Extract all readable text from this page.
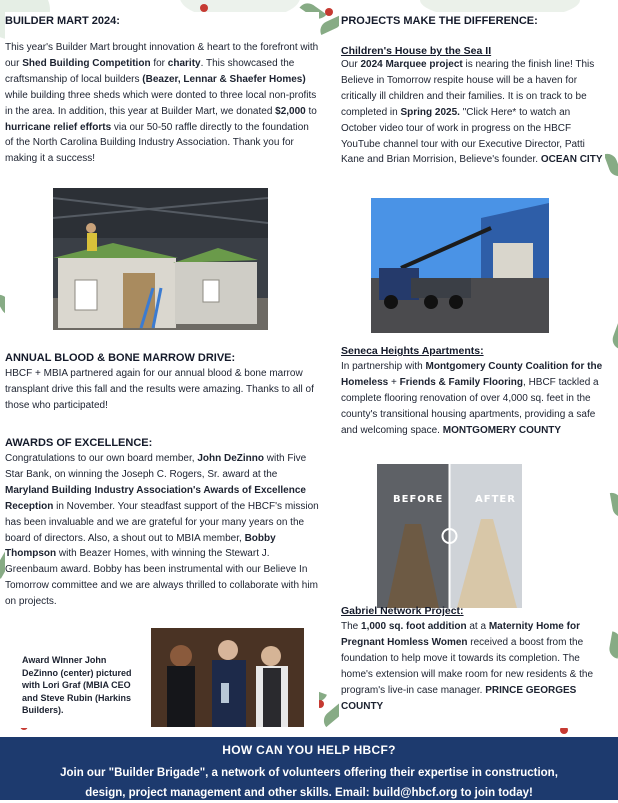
BUILDER MART 2024:

This year's Builder Mart brought innovation & heart to the forefront with our Shed Building Competition for charity. This showcased the craftsmanship of local builders (Beazer, Lennar & Shaefer Homes) while building three sheds which were donted to three local non-profits in the area. In addition, this year at Builder Mart, we donated $2,000 to hurricane relief efforts via our 50-50 raffle directly to the foundation of the North Carolina Building Industry Association. Thank you for making it a success!

ANNUAL BLOOD & BONE MARROW DRIVE:

HBCF + MBIA partnered again for our annual blood & bone marrow transplant drive this fall and the results were amazing. Thanks to all of those who participated!

AWARDS OF EXCELLENCE:

Congratulations to our own board member, John DeZinno with Five Star Bank, on winning the Joseph C. Rogers, Sr. award at the Maryland Building Industry Association's Awards of Excellence Reception in November. Your steadfast support of the HBCF's mission has been invaluable and we are grateful for your many years on the board of directors. Also, a shout out to MBIA member, Bobby Thompson with Beazer Homes, with winning the Stewart J. Greenbaum award. Bobby has been instrumental with our Believe In Tomorrow committee and we are always thrilled to collaborate with him on projects.

Award WInner John DeZinno (center) pictured with Lori Graf (MBIA CEO and Steve Rubin (Harkins Builders).
PROJECTS MAKE THE DIFFERENCE:

Children's House by the Sea II

Our 2024 Marquee project is nearing the finish line! This Believe in Tomorrow respite house will be a haven for critically ill children and their families. It is on track to be completed in Spring 2025. "Click Here* to watch an October video tour of work in progress on the HBCF YouTube channel tour with our Executive Director, Patti Kane and Brian Morrision, Believe's founder. OCEAN CITY

Seneca Heights Apartments:

In partnership with Montgomery County Coalition for the Homeless + Friends & Family Flooring, HBCF tackled a complete flooring renovation of over 4,000 sq. feet in the county's transitional housing apartments, providing a safe and welcoming space. MONTGOMERY COUNTY

BEFORE	AFTER

Gabriel Network Project:

The 1,000 sq. foot addition at a Maternity Home for Pregnant Homless Women received a boost from the foundation to help move it towards its completion. The home's extension will make room for new residents & the program's live-in case manager. PRINCE GEORGES COUNTY

HOW CAN YOU HELP HBCF?
Join our "Builder Brigade", a network of volunteers offering their expertise in construction,
design, project management and other skills. Email: build@hbcf.org to join today!
